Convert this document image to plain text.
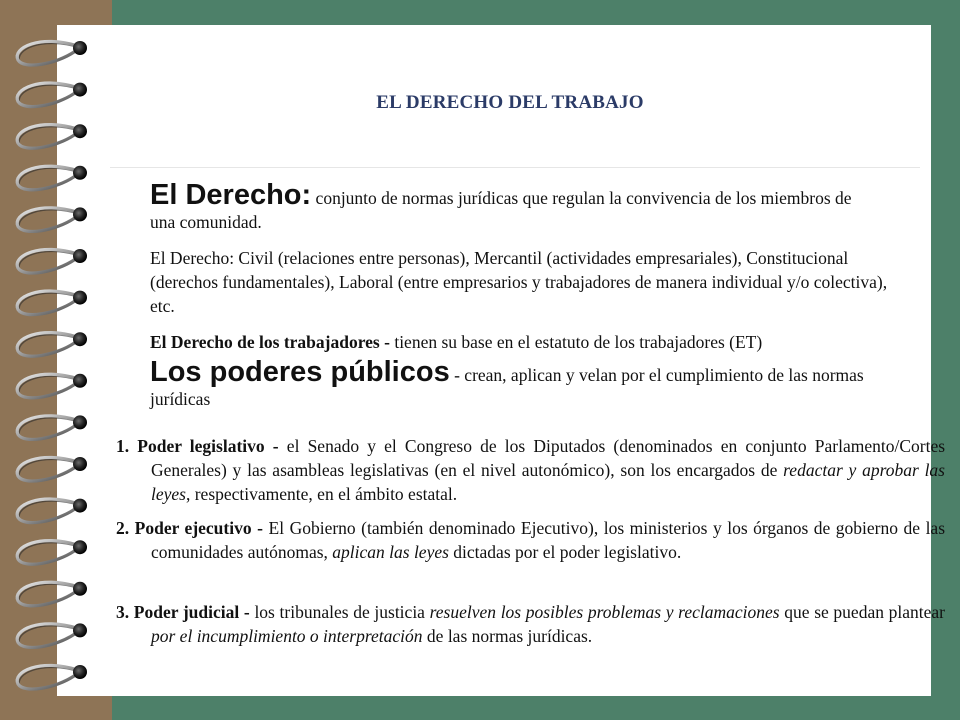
EL DERECHO DEL TRABAJO
El Derecho: conjunto de normas jurídicas que regulan la convivencia de los miembros de una comunidad.
El Derecho: Civil (relaciones entre personas), Mercantil (actividades empresariales), Constitucional (derechos fundamentales), Laboral (entre empresarios y trabajadores de manera individual y/o colectiva), etc.
El Derecho de los trabajadores - tienen su base en el estatuto de los trabajadores (ET)
Los poderes públicos - crean, aplican y velan por el cumplimiento de las normas jurídicas
1. Poder legislativo - el Senado y el Congreso de los Diputados (denominados en conjunto Parlamento/Cortes Generales) y las asambleas legislativas (en el nivel autonómico), son los encargados de redactar y aprobar las leyes, respectivamente, en el ámbito estatal.
2. Poder ejecutivo - El Gobierno (también denominado Ejecutivo), los ministerios y los órganos de gobierno de las comunidades autónomas, aplican las leyes dictadas por el poder legislativo.
3. Poder judicial - los tribunales de justicia resuelven los posibles problemas y reclamaciones que se puedan plantear por el incumplimiento o interpretación de las normas jurídicas.
